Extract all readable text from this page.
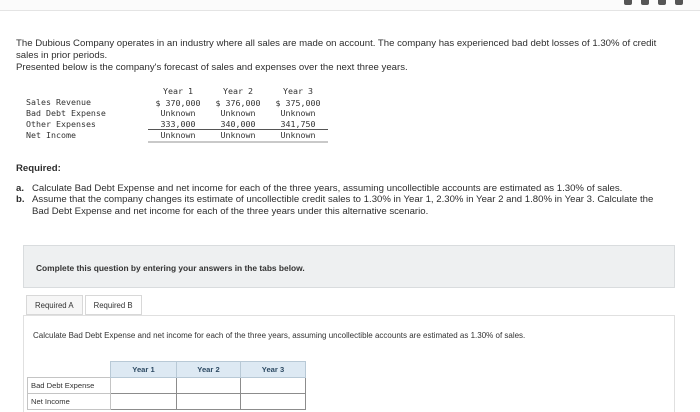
The Dubious Company operates in an industry where all sales are made on account. The company has experienced bad debt losses of 1.30% of credit sales in prior periods.

Presented below is the company's forecast of sales and expenses over the next three years.

	Year 1	Year 2	Year 3
Sales Revenue	$ 370,000	$ 376,000	$ 375,000
Bad Debt Expense	Unknown	Unknown	Unknown
Other Expenses	333,000	340,000	341,750
Net Income	Unknown	Unknown	Unknown
Required:
a. Calculate Bad Debt Expense and net income for each of the three years, assuming uncollectible accounts are estimated as 1.30% of sales.
b. Assume that the company changes its estimate of uncollectible credit sales to 1.30% in Year 1, 2.30% in Year 2 and 1.80% in Year 3. Calculate the Bad Debt Expense and net income for each of the three years under this alternative scenario.
Complete this question by entering your answers in the tabs below.
Required A	Required B
Calculate Bad Debt Expense and net income for each of the three years, assuming uncollectible accounts are estimated as 1.30% of sales.
	Year 1	Year 2	Year 3
Bad Debt Expense			
Net Income			
